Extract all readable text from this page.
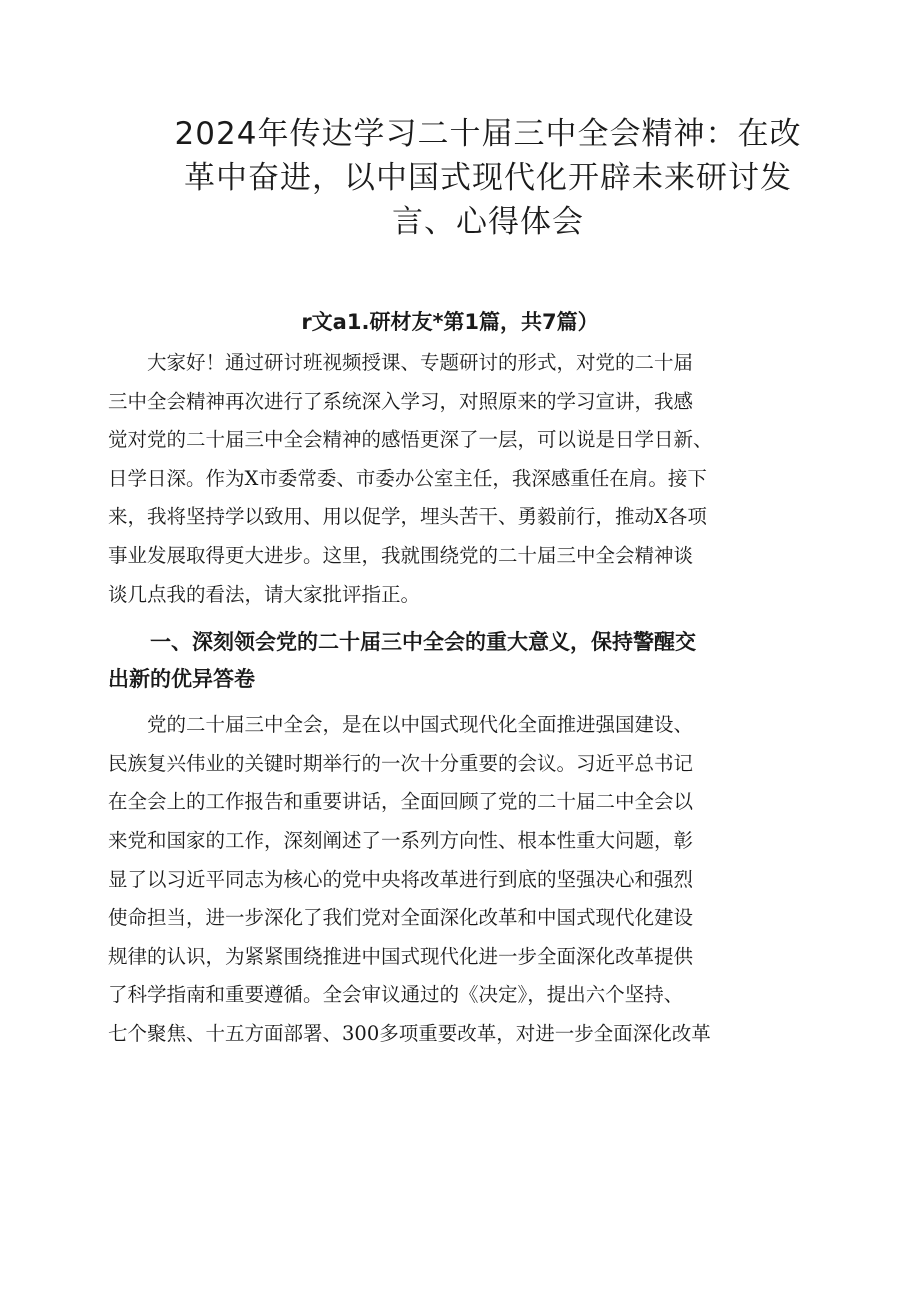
2024年传达学习二十届三中全会精神：在改
革中奋进，以中国式现代化开辟未来研讨发
言、心得体会
r文a1.研材友*第1篇，共7篇）

　　大家好！通过研讨班视频授课、专题研讨的形式，对党的二十届
三中全会精神再次进行了系统深入学习，对照原来的学习宣讲，我感
觉对党的二十届三中全会精神的感悟更深了一层，可以说是日学日新、
日学日深。作为X市委常委、市委办公室主任，我深感重任在肩。接下
来，我将坚持学以致用、用以促学，埋头苦干、勇毅前行，推动X各项
事业发展取得更大进步。这里，我就围绕党的二十届三中全会精神谈
谈几点我的看法，请大家批评指正。

　　一、深刻领会党的二十届三中全会的重大意义，保持警醒交
出新的优异答卷

　　党的二十届三中全会，是在以中国式现代化全面推进强国建设、
民族复兴伟业的关键时期举行的一次十分重要的会议。习近平总书记
在全会上的工作报告和重要讲话，全面回顾了党的二十届二中全会以
来党和国家的工作，深刻阐述了一系列方向性、根本性重大问题，彰
显了以习近平同志为核心的党中央将改革进行到底的坚强决心和强烈
使命担当，进一步深化了我们党对全面深化改革和中国式现代化建设
规律的认识，为紧紧围绕推进中国式现代化进一步全面深化改革提供
了科学指南和重要遵循。全会审议通过的《决定》，提出六个坚持、
七个聚焦、十五方面部署、300多项重要改革，对进一步全面深化改革
